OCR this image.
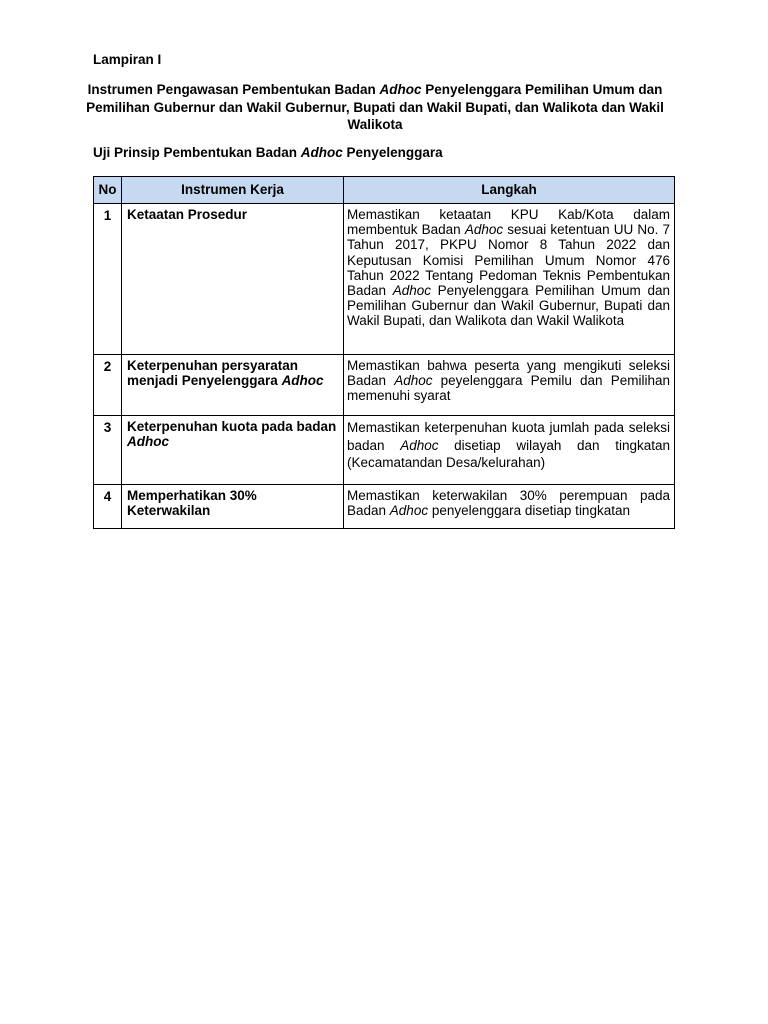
Lampiran I
Instrumen Pengawasan Pembentukan Badan Adhoc Penyelenggara Pemilihan Umum dan Pemilihan Gubernur dan Wakil Gubernur, Bupati dan Wakil Bupati, dan Walikota dan Wakil Walikota
Uji Prinsip Pembentukan Badan Adhoc Penyelenggara
No	Instrumen Kerja	Langkah
1	Ketaatan Prosedur	Memastikan ketaatan KPU Kab/Kota dalam membentuk Badan Adhoc sesuai ketentuan UU No. 7 Tahun 2017, PKPU Nomor 8 Tahun 2022 dan Keputusan Komisi Pemilihan Umum Nomor 476 Tahun 2022 Tentang Pedoman Teknis Pembentukan Badan Adhoc Penyelenggara Pemilihan Umum dan Pemilihan Gubernur dan Wakil Gubernur, Bupati dan Wakil Bupati, dan Walikota dan Wakil Walikota
2	Keterpenuhan persyaratan menjadi Penyelenggara Adhoc	Memastikan bahwa peserta yang mengikuti seleksi Badan Adhoc peyelenggara Pemilu dan Pemilihan memenuhi syarat
3	Keterpenuhan kuota pada badan Adhoc	Memastikan keterpenuhan kuota jumlah pada seleksi badan Adhoc disetiap wilayah dan tingkatan (Kecamatandan Desa/kelurahan)
4	Memperhatikan 30% Keterwakilan	Memastikan keterwakilan 30% perempuan pada Badan Adhoc penyelenggara disetiap tingkatan
